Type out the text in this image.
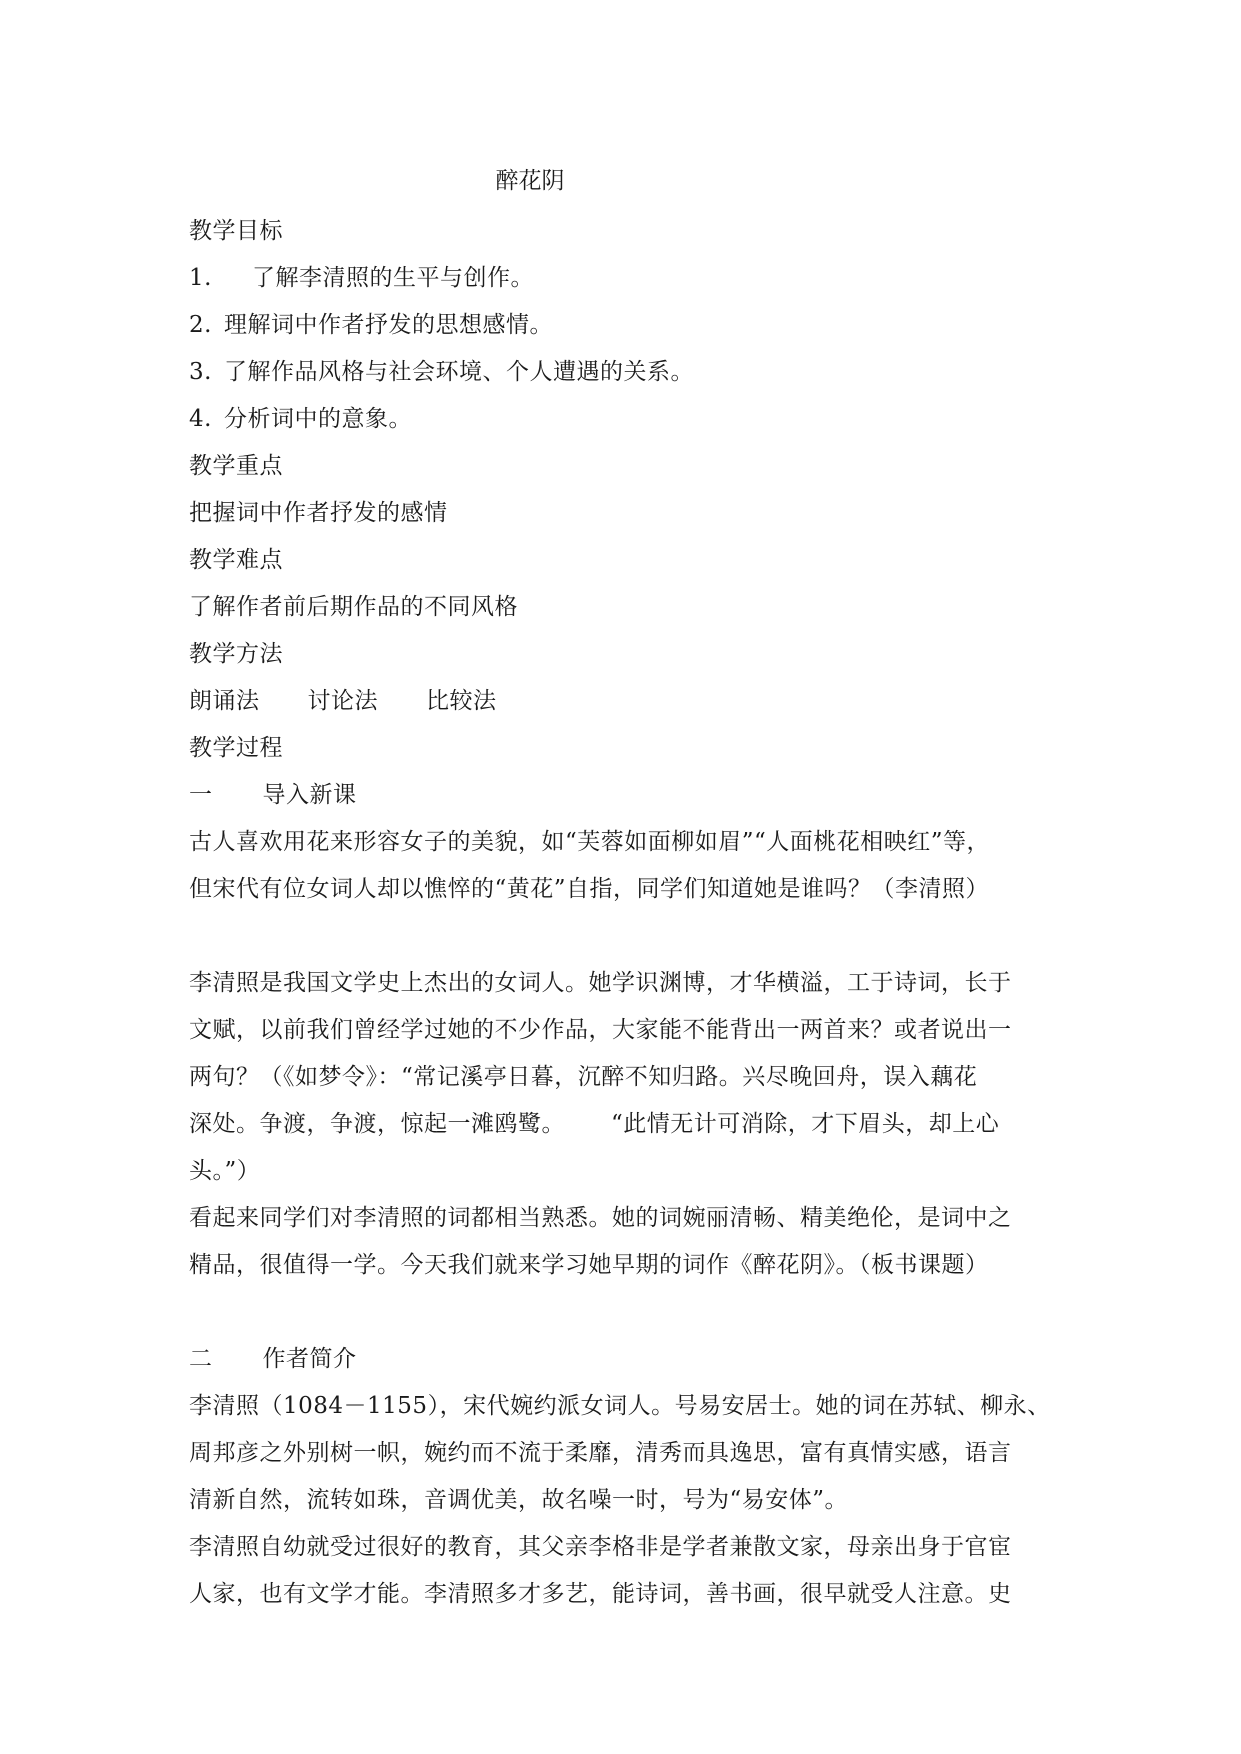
醉花阴
教学目标
1. 了解李清照的生平与创作。
2. 理解词中作者抒发的思想感情。
3. 了解作品风格与社会环境、个人遭遇的关系。
4. 分析词中的意象。
教学重点
把握词中作者抒发的感情
教学难点
了解作者前后期作品的不同风格
教学方法
朗诵法 讨论法 比较法
教学过程
一 导入新课
古人喜欢用花来形容女子的美貌，如“芙蓉如面柳如眉”“人面桃花相映红”等，
但宋代有位女词人却以憔悴的“黄花”自指，同学们知道她是谁吗？（李清照）
李清照是我国文学史上杰出的女词人。她学识渊博，才华横溢，工于诗词，长于
文赋，以前我们曾经学过她的不少作品，大家能不能背出一两首来？或者说出一
两句？（《如梦令》：“常记溪亭日暮，沉醉不知归路。兴尽晚回舟，误入藕花
深处。争渡，争渡，惊起一滩鸥鹭。 “此情无计可消除，才下眉头，却上心
头。”）
看起来同学们对李清照的词都相当熟悉。她的词婉丽清畅、精美绝伦，是词中之
精品，很值得一学。今天我们就来学习她早期的词作《醉花阴》。（板书课题）
二 作者简介
李清照（1084－1155），宋代婉约派女词人。号易安居士。她的词在苏轼、柳永、
周邦彦之外别树一帜，婉约而不流于柔靡，清秀而具逸思，富有真情实感，语言
清新自然，流转如珠，音调优美，故名噪一时，号为“易安体”。
李清照自幼就受过很好的教育，其父亲李格非是学者兼散文家，母亲出身于官宦
人家，也有文学才能。李清照多才多艺，能诗词，善书画，很早就受人注意。史
